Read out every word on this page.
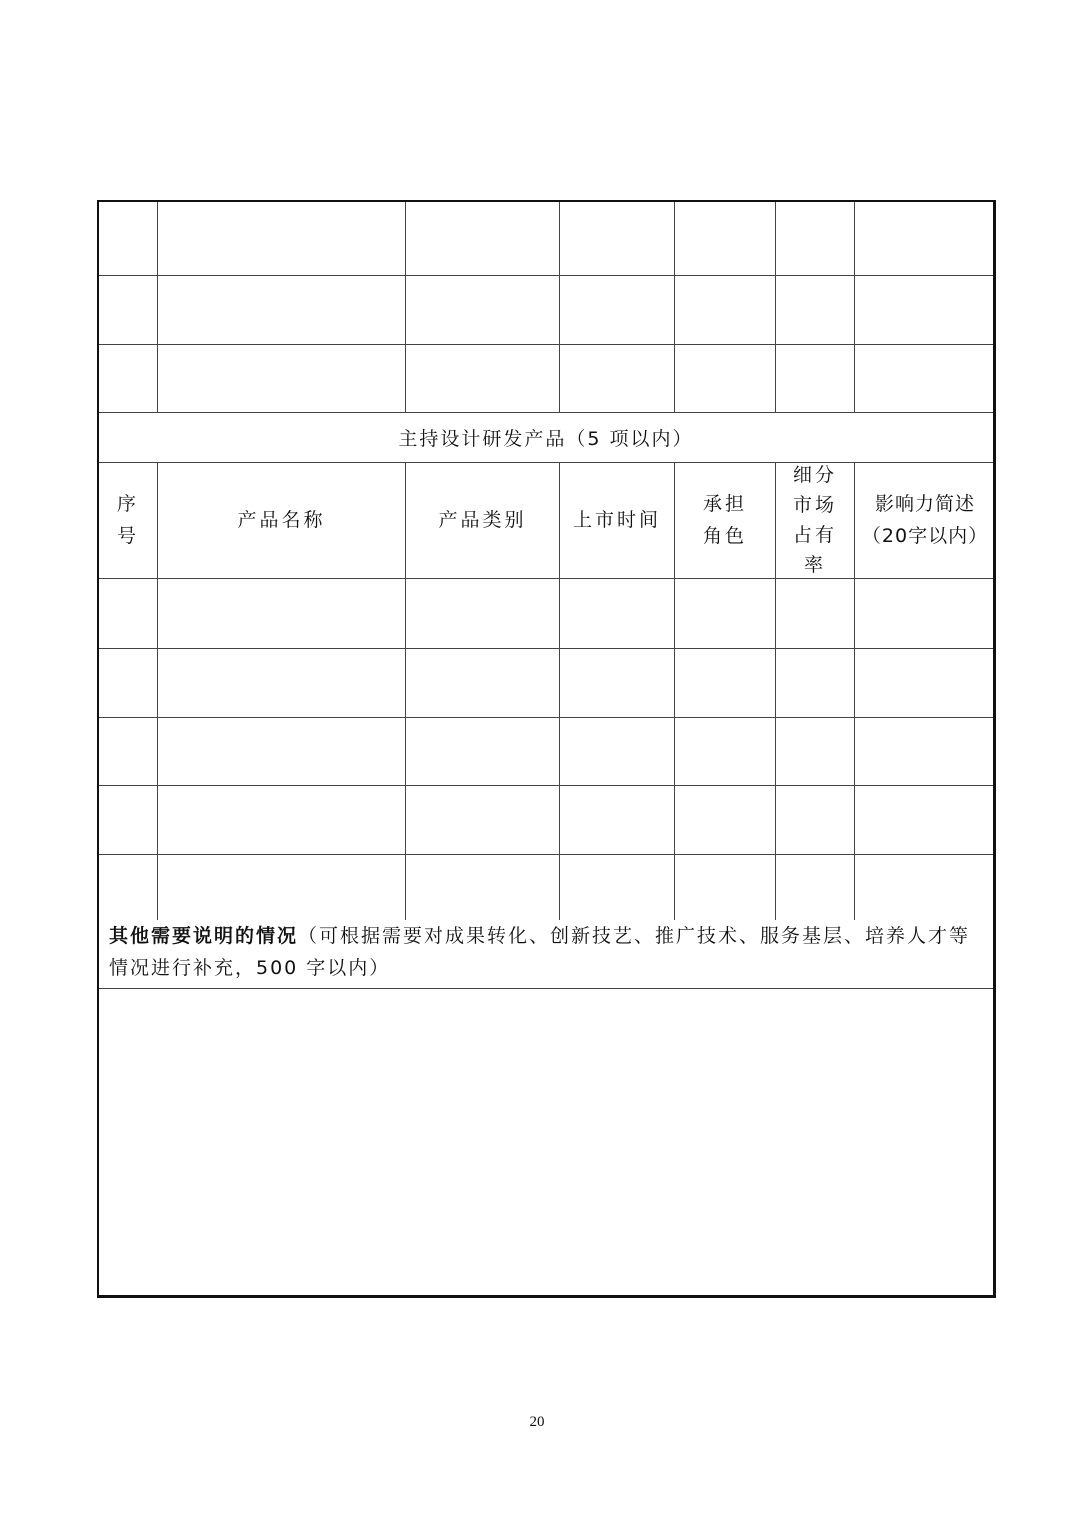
主持设计研发产品（5 项以内）
序
号
产品名称	产品类别	上市时间
承担
角色
细分
市场
占有
率
影响力简述
（20字以内）
其他需要说明的情况（可根据需要对成果转化、创新技艺、推广技术、服务基层、培养人才等情况进行补充，500 字以内）
20
